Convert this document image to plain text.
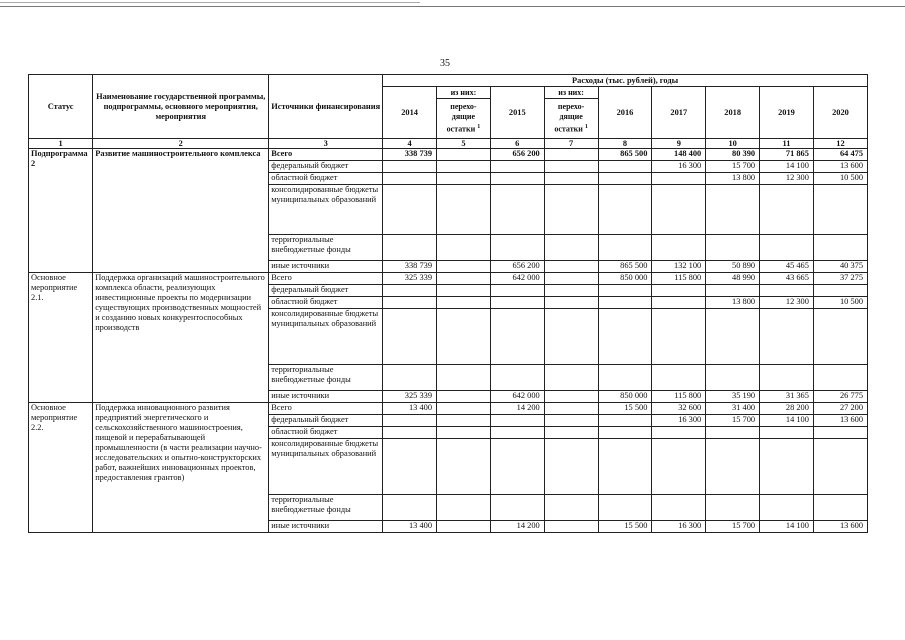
35
Статус	Наименование государственной программы, подпрограммы, основного мероприятия, мероприятия	Источники финансирования	Расходы (тыс. рублей), годы								
			2014	из них:	2015	из них:	2016	2017	2018	2019	2020
				перехо-дящие остатки $^1$		перехо-дящие остатки $^1$
1	2	3	4	5	6	7	8	9	10	11	12
Подпрограмма 2	Развитие машиностроительного комплекса	Всего	338 739		656 200		865 500	148 400	80 390	71 865	64 475
		федеральный бюджет						16 300	15 700	14 100	13 600
		областной бюджет							13 800	12 300	10 500
		консолидированные бюджеты муниципальных образований									
		территориальные внебюджетные фонды									
		иные источники	338 739		656 200		865 500	132 100	50 890	45 465	40 375
Основное мероприятие 2.1.	Поддержка организаций машиностроительного комплекса области, реализующих инвестиционные проекты по модернизации существующих производственных мощностей и созданию новых конкурентоспособных производств	Всего	325 339		642 000		850 000	115 800	48 990	43 665	37 275
		федеральный бюджет									
		областной бюджет							13 800	12 300	10 500
		консолидированные бюджеты муниципальных образований									
		территориальные внебюджетные фонды									
		иные источники	325 339		642 000		850 000	115 800	35 190	31 365	26 775
Основное мероприятие 2.2.	Поддержка инновационного развития предприятий энергетического и сельскохозяйственного машиностроения, пищевой и перерабатывающей промышленности (в части реализации научно-исследовательских и опытно-конструкторских работ, важнейших инновационных проектов, предоставления грантов)	Всего	13 400		14 200		15 500	32 600	31 400	28 200	27 200
		федеральный бюджет						16 300	15 700	14 100	13 600
		областной бюджет									
		консолидированные бюджеты муниципальных образований									
		территориальные внебюджетные фонды									
		иные источники	13 400		14 200		15 500	16 300	15 700	14 100	13 600
